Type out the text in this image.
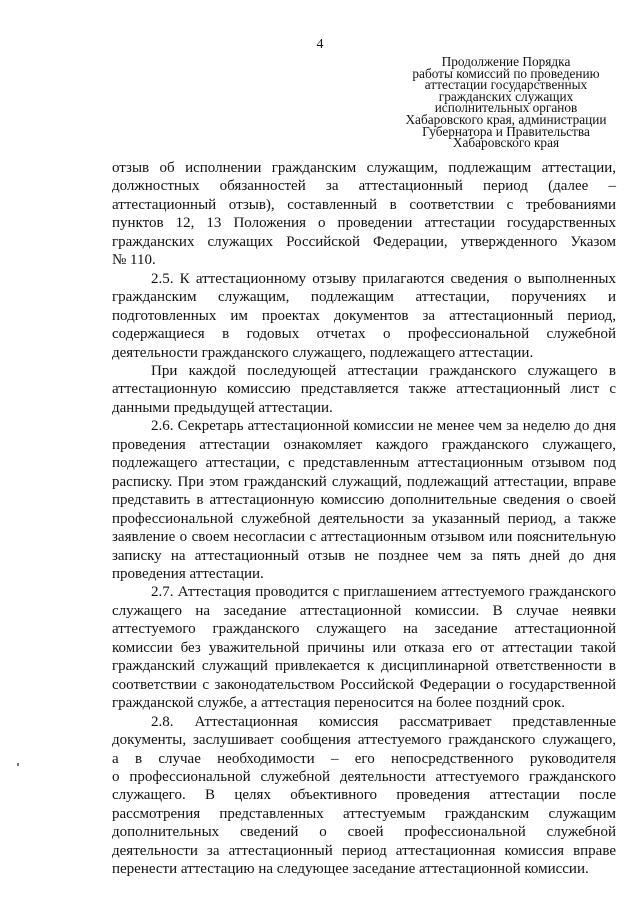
4
Продолжение Порядка
работы комиссий по проведению
аттестации государственных
гражданских служащих
исполнительных органов
Хабаровского края, администрации
Губернатора и Правительства
Хабаровского края
отзыв об исполнении гражданским служащим, подлежащим аттестации,
должностных обязанностей за аттестационный период (далее –
аттестационный отзыв), составленный в соответствии с требованиями
пунктов 12, 13 Положения о проведении аттестации государственных
гражданских служащих Российской Федерации, утвержденного Указом
№ 110.
2.5. К аттестационному отзыву прилагаются сведения о выполненных
гражданским служащим, подлежащим аттестации, поручениях и
подготовленных им проектах документов за аттестационный период,
содержащиеся в годовых отчетах о профессиональной служебной
деятельности гражданского служащего, подлежащего аттестации.
При каждой последующей аттестации гражданского служащего в
аттестационную комиссию представляется также аттестационный лист с
данными предыдущей аттестации.
2.6. Секретарь аттестационной комиссии не менее чем за неделю до дня
проведения аттестации ознакомляет каждого гражданского служащего,
подлежащего аттестации, с представленным аттестационным отзывом под
расписку. При этом гражданский служащий, подлежащий аттестации, вправе
представить в аттестационную комиссию дополнительные сведения о своей
профессиональной служебной деятельности за указанный период, а также
заявление о своем несогласии с аттестационным отзывом или пояснительную
записку на аттестационный отзыв не позднее чем за пять дней до дня
проведения аттестации.
2.7. Аттестация проводится с приглашением аттестуемого гражданского
служащего на заседание аттестационной комиссии. В случае неявки
аттестуемого гражданского служащего на заседание аттестационной
комиссии без уважительной причины или отказа его от аттестации такой
гражданский служащий привлекается к дисциплинарной ответственности в
соответствии с законодательством Российской Федерации о государственной
гражданской службе, а аттестация переносится на более поздний срок.
2.8. Аттестационная комиссия рассматривает представленные
документы, заслушивает сообщения аттестуемого гражданского служащего,
а в случае необходимости – его непосредственного руководителя
о профессиональной служебной деятельности аттестуемого гражданского
служащего. В целях объективного проведения аттестации после
рассмотрения представленных аттестуемым гражданским служащим
дополнительных сведений о своей профессиональной служебной
деятельности за аттестационный период аттестационная комиссия вправе
перенести аттестацию на следующее заседание аттестационной комиссии.
